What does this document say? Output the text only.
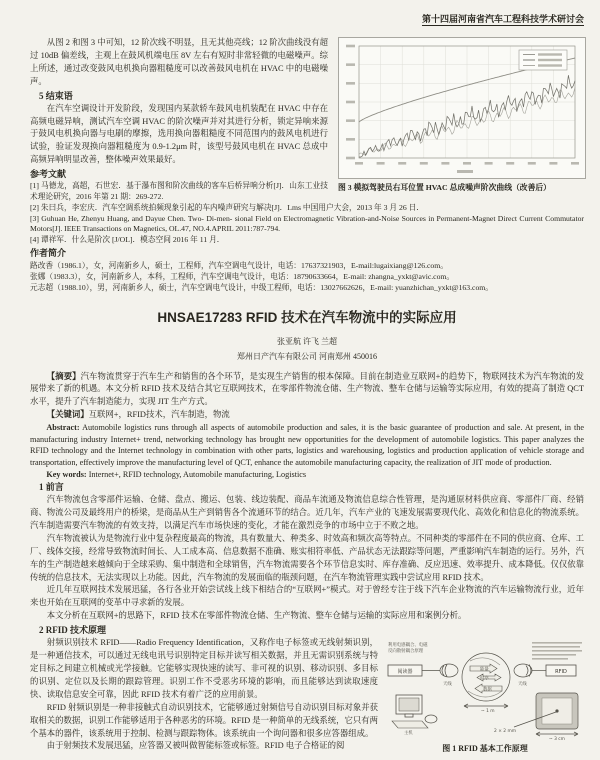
第十四届河南省汽车工程科技学术研讨会
图 3 模拟驾驶员右耳位置 HVAC 总成噪声阶次曲线（改善后）

从图 2 和图 3 中可知，12 阶次线不明显，且无其他亮线；12 阶次曲线没有超过 10dB 偏差线，主观上在鼓风机端电压 8V 左右有短时非常轻微的电磁噪声。综上所述，通过改变鼓风电机换向器粗糙度可以改善鼓风电机在 HVAC 中的电磁噪声。

5 结束语

在汽车空调设计开发阶段，发现国内某款轿车鼓风电机装配在 HVAC 中存在高频电磁异响，测试汽车空调 HVAC 的阶次噪声并对其进行分析，锁定异响来源于鼓风电机换向器与电刷的摩擦，选用换向器粗糙度不同范围内的鼓风电机进行试验，验证发现换向器粗糙度为 0.9-1.2μm 时，该型号鼓风电机在 HVAC 总成中高频异响明显改善，整体噪声效果最好。

参考文献

[1] 马德龙，高超，石世宏．基于瀑布图和阶次曲线的客车后桥异响分析[J]．山东工业技术理论研究，2016 年第 21 期：269-272.

[2] 朱曰兵，李宏庆．汽车空调系统拍频现象引起的车内噪声研究与解决[J]．Lms 中国用户大会，2013 年 3 月 26 日．

[3] Guhuan He, Zhenyu Huang, and Dayue Chen. Two- Di-men- sional Field on Electromagnetic Vibration-and-Noise Sources in Permanent-Magnet Direct Current Commutator Motors[J]. IEEE Transactions on Magnetics, OL.47, NO.4.APRIL 2011:787-794.

[4] 谭祥军．什么是阶次 [J/OL]．模态空间 2016 年 11 月．

作者简介

路改香（1986.1），女，河南新乡人，硕士，工程师，汽车空调电气设计，电话：17637321903，E-mail:lugaixiang@126.com。

张娜（1983.3），女，河南新乡人，本科，工程师，汽车空调电气设计，电话：18790633664，E-mail: zhangna_yxkt@avic.com。

元志超（1988.10），男，河南新乡人，硕士，汽车空调电气设计，中级工程师，电话：13027662626，E-mail: yuanzhichan_yxkt@163.com。

HNSAE17283 RFID 技术在汽车物流中的实际应用
张亚航 许飞 兰超
郑州日产汽车有限公司 河南郑州 450016

【摘要】汽车物流贯穿于汽车生产和销售的各个环节，是实现生产销售的根本保障。目前在制造业互联网+的趋势下，物联网技术为汽车物流的发展带来了新的机遇。本文分析 RFID 技术及结合其它互联网技术，在零部件物流仓储、生产物流、整车仓储与运输等实际应用，有效的提高了制造 QCT 水平，提升了汽车制造能力，实现 JIT 生产方式。

【关键词】互联网+，RFID技术，汽车制造，物流

Abstract: Automobile logistics runs through all aspects of automobile production and sales, it is the basic guarantee of production and sale. At present, in the manufacturing industry Internet+ trend, networking technology has brought new opportunities for the development of automobile logistics. This paper analyzes the RFID technology and the Internet technology in combination with other parts, logistics and warehousing, logistics and production application of vehicle storage and transportation, effectively improve the manufacturing level of QCT, enhance the automobile manufacturing capacity, the realization of JIT mode of production.

Key words: Internet+, RFID technology, Automobile manufacturing, Logistics

1 前言

汽车物流包含零部件运输、仓储、盘点、搬运、包装、线边装配、商品车流通及物流信息综合性管理，是沟通原材料供应商、零部件厂商、经销商、物流公司及最终用户的桥梁，是商品从生产到销售各个流通环节的结合。近几年，汽车产业的飞速发展需要现代化、高效化和信息化的物流系统。汽车制造需要汽车物流的有效支持，以满足汽车市场快速的变化，才能在激烈竞争的市场中立于不败之地。

汽车物流被认为是物流行业中复杂程度最高的物流，具有数量大、种类多、时效高和频次高等特点。不同种类的零部件在不同的供应商、仓库、工厂、线体交接，经常导致物流时间长、人工成本高、信息数据不准确、账实相符率低、产品状态无法跟踪等问题，严重影响汽车制造的运行。另外，汽车的生产制造越来越倾向于全球采购、集中制造和全球销售，汽车物流需要各个环节信息实时、库存准确、反应迅速、效率提升、成本降低。仅仅依靠传统的信息技术，无法实现以上功能。因此，汽车物流的发展面临的瓶颈问题，在汽车物流管理实践中尝试应用 RFID 技术。

近几年互联网技术发展迅猛，各行各业开始尝试线上线下相结合的“互联网+”模式。对于曾经专注于线下汽车企业物流的汽车运输物流行业，近年来也开始在互联网的变革中寻求新的发展。

本文分析在互联网+的思路下，RFID 技术在零部件物流仓储、生产物流、整车仓储与运输的实际应用和案例分析。

2 RFID 技术原理
利用电感耦合、电磁
反向散射耦合原理
阅读器
天线
能量
时序
数据
天线
RFID
~ 1 m
主机	2 × 2 mm
~ 3 cm
图 1 RFID 基本工作原理

射频识别技术 RFID——Radio Frequency Identification，又称作电子标签或无线射频识别，是一种通信技术，可以通过无线电讯号识别特定目标并读写相关数据，并且无需识别系统与特定目标之间建立机械或光学接触。它能够实现快速的读写、非可视的识别、移动识别、多目标的识别、定位以及长期的跟踪管理。识别工作不受恶劣环境的影响，而且能够达到读取速度快、读取信息安全可靠，因此 RFID 技术有着广泛的应用前景。

RFID 射频识别是一种非接触式自动识别技术，它能够通过射频信号自动识别目标对象并获取相关的数据，识别工作能够适用于各种恶劣的环境。RFID 是一种简单的无线系统，它只有两个基本的器件，该系统用于控制、检测与跟踪物体。该系统由一个询问器和很多应答器组成。

由于射频技术发展迅猛，应答器又被叫做智能标签或标签。RFID 电子合格证的阅
